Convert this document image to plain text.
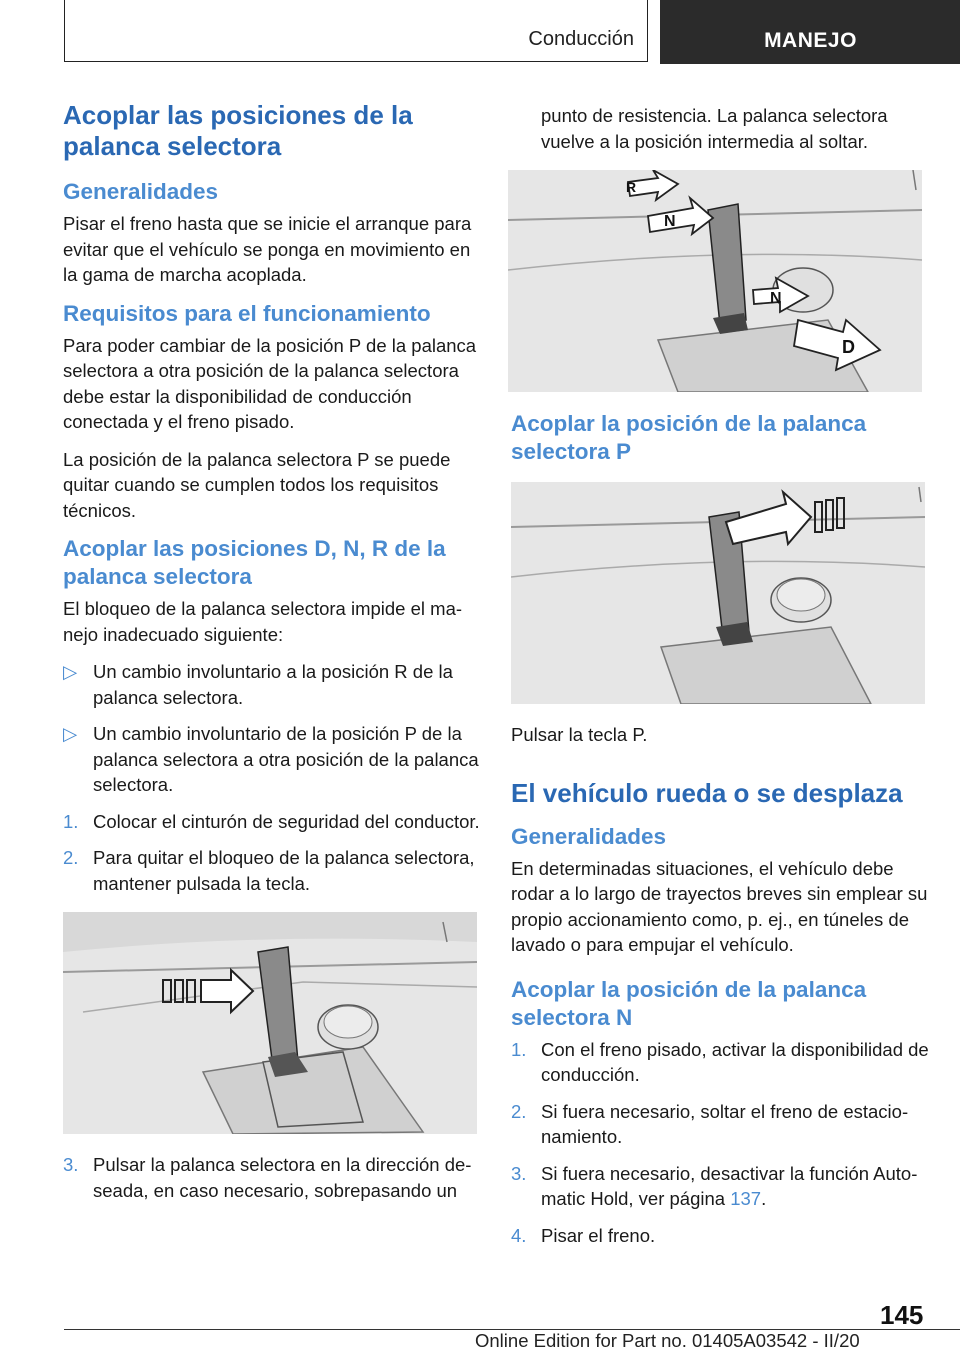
Conducción	MANEJO
Acoplar las posiciones de la palanca selectora
Generalidades

Pisar el freno hasta que se inicie el arranque para evitar que el vehículo se ponga en movimiento en la gama de marcha acoplada.

Requisitos para el funcionamiento

Para poder cambiar de la posición P de la palanca selectora a otra posición de la palanca selectora debe estar la disponibilidad de conducción conectada y el freno pisado.

La posición de la palanca selectora P se puede quitar cuando se cumplen todos los requisitos técnicos.

Acoplar las posiciones D, N, R de la palanca selectora

El bloqueo de la palanca selectora impide el manejo inadecuado siguiente:

▷ Un cambio involuntario a la posición R de la palanca selectora.
▷ Un cambio involuntario de la posición P de la palanca selectora a otra posición de la palanca selectora.
1. Colocar el cinturón de seguridad del conductor.
2. Para quitar el bloqueo de la palanca selectora, mantener pulsada la tecla.
3. Pulsar la palanca selectora en la dirección deseada, en caso necesario, sobrepasando un

punto de resistencia. La palanca selectora vuelve a la posición intermedia al soltar.

R
N
N
D
Acoplar la posición de la palanca selectora P

Pulsar la tecla P.

El vehículo rueda o se desplaza
Generalidades

En determinadas situaciones, el vehículo debe rodar a lo largo de trayectos breves sin emplear su propio accionamiento como, p. ej., en túneles de lavado o para empujar el vehículo.

Acoplar la posición de la palanca selectora N
1. Con el freno pisado, activar la disponibilidad de conducción.
2. Si fuera necesario, soltar el freno de estacionamiento.
3. Si fuera necesario, desactivar la función Automatic Hold, ver página 137.
4. Pisar el freno.
145
Online Edition for Part no. 01405A03542 - II/20
